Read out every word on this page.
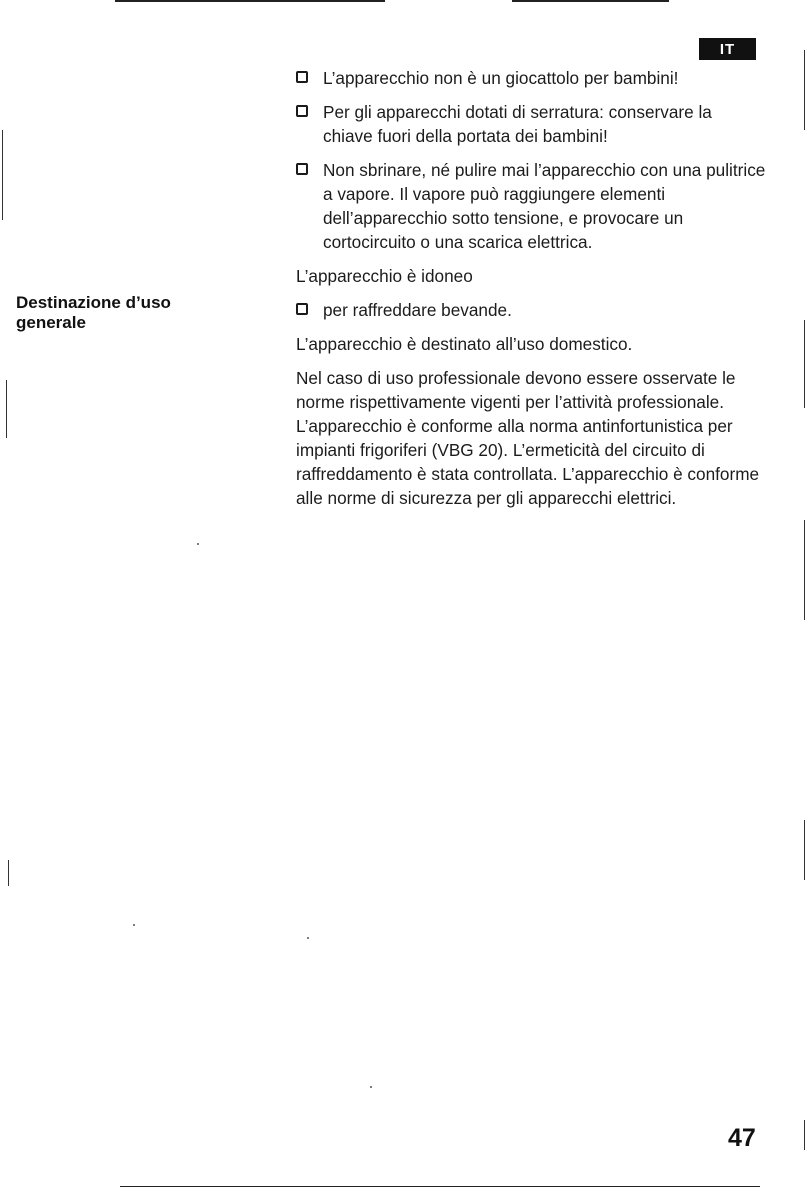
IT
Destinazione d’uso generale
L’apparecchio non è un giocattolo per bambini!
Per gli apparecchi dotati di serratura: conservare la chiave fuori della portata dei bambini!
Non sbrinare, né pulire mai l’apparecchio con una pulitrice a vapore. Il vapore può raggiungere elementi dell’apparecchio sotto tensione, e provocare un cortocircuito o una scarica elettrica.

L’apparecchio è idoneo

per raffreddare bevande.

L’apparecchio è destinato all’uso domestico.

Nel caso di uso professionale devono essere osservate le norme rispettivamente vigenti per l’attività professionale. L’apparecchio è conforme alla norma antinfortunistica per impianti frigoriferi (VBG 20). L’ermeticità del circuito di raffreddamento è stata controllata. L’apparecchio è conforme alle norme di sicurezza per gli apparecchi elettrici.

47
